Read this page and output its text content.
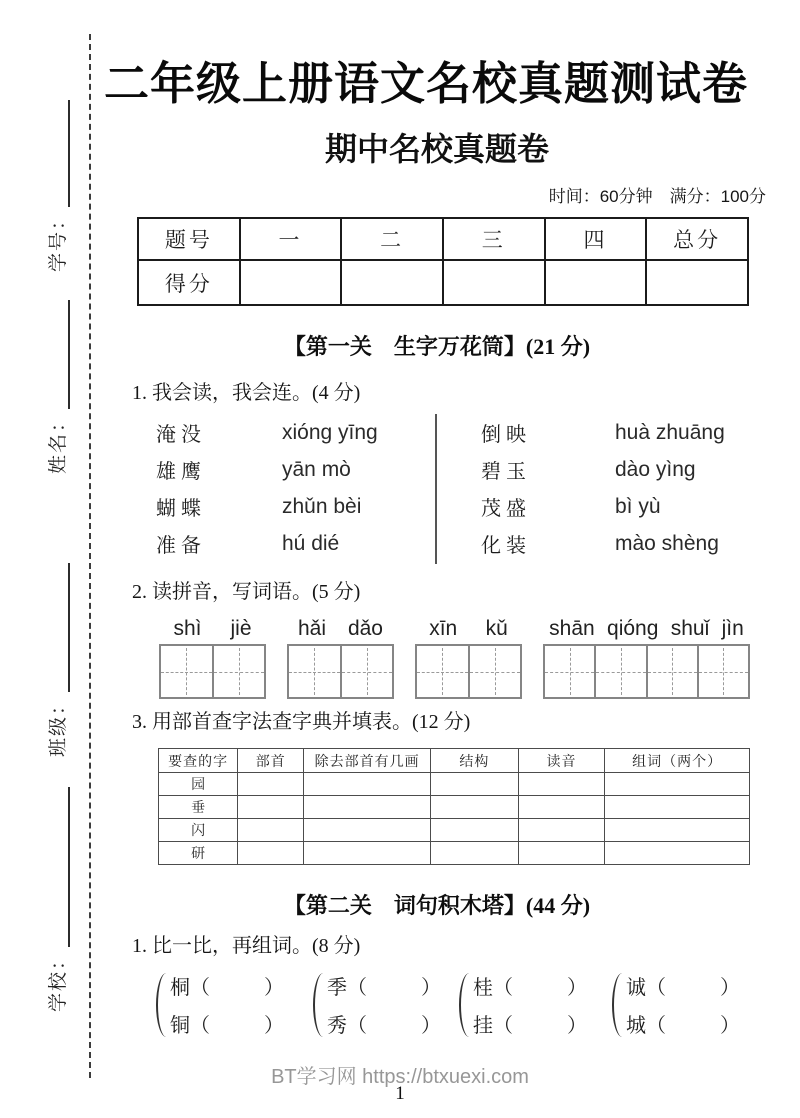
学号：
姓名：
班级：
学校：
二年级上册语文名校真题测试卷
期中名校真题卷
时间：60分钟　满分：100分
题号	一	二	三	四	总分
得分					
【第一关　生字万花筒】(21 分)
1. 我会读，我会连。(4 分)
淹没	xióng yīng
雄鹰	yān mò
蝴蝶	zhǔn bèi
准备	hú dié
倒映	huà zhuāng
碧玉	dào yìng
茂盛	bì yù
化装	mào shèng
2. 读拼音，写词语。(5 分)
shì jiè hǎi dǎo xīn kǔ shān qióng shuǐ jìn
3. 用部首查字法查字典并填表。(12 分)
要查的字	部首	除去部首有几画	结构	读音	组词（两个）
园					
垂					
闪					
研					
【第二关　词句积木塔】(44 分)
1. 比一比，再组词。(8 分)
桐 （	）
铜 （	）
季 （	）
秀 （	）
桂 （	）
挂 （	）
诚 （	）
城 （	）
BT学习网 https://btxuexi.com
1
